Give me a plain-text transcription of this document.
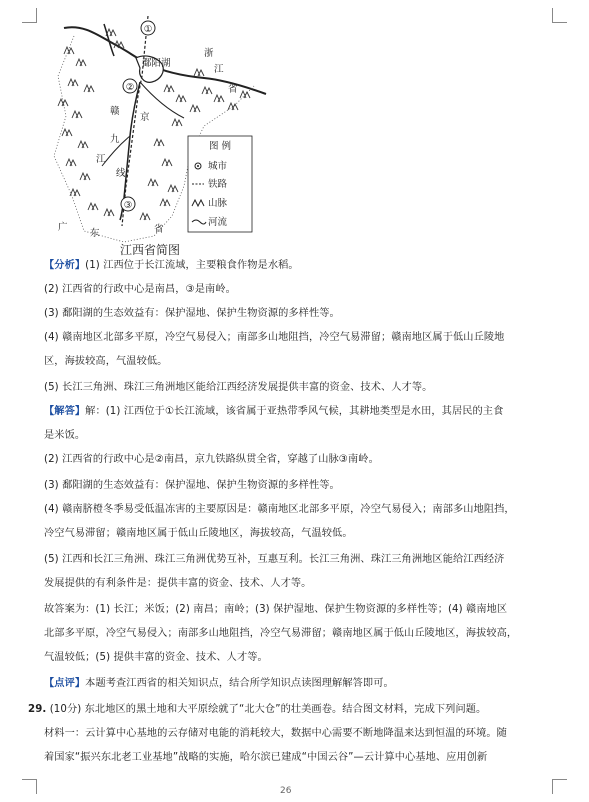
①
②
③
鄱阳湖
浙
江
省
赣
京
九
江
线
广
东	省
图 例
城市
铁路
山脉
河流
江西省简图
【分析】(1) 江西位于长江流域，主要粮食作物是水稻。
(2) 江西省的行政中心是南昌，③是南岭。
(3) 鄱阳湖的生态效益有：保护湿地、保护生物资源的多样性等。
(4) 赣南地区北部多平原，冷空气易侵入；南部多山地阻挡，冷空气易滞留；赣南地区属于低山丘陵地
区，海拔较高，气温较低。
(5) 长江三角洲、珠江三角洲地区能给江西经济发展提供丰富的资金、技术、人才等。
【解答】解：(1) 江西位于①长江流域，该省属于亚热带季风气候，其耕地类型是水田，其居民的主食
是米饭。
(2) 江西省的行政中心是②南昌，京九铁路纵贯全省，穿越了山脉③南岭。
(3) 鄱阳湖的生态效益有：保护湿地、保护生物资源的多样性等。
(4) 赣南脐橙冬季易受低温冻害的主要原因是：赣南地区北部多平原，冷空气易侵入；南部多山地阻挡，
冷空气易滞留；赣南地区属于低山丘陵地区，海拔较高，气温较低。
(5) 江西和长江三角洲、珠江三角洲优势互补，互惠互利。长江三角洲、珠江三角洲地区能给江西经济
发展提供的有利条件是：提供丰富的资金、技术、人才等。
故答案为：(1) 长江；米饭；(2) 南昌；南岭；(3) 保护湿地、保护生物资源的多样性等；(4) 赣南地区
北部多平原，冷空气易侵入；南部多山地阻挡，冷空气易滞留；赣南地区属于低山丘陵地区，海拔较高，
气温较低；(5) 提供丰富的资金、技术、人才等。
【点评】本题考查江西省的相关知识点，结合所学知识点读图理解解答即可。
29. (10分) 东北地区的黑土地和大平原绘就了“北大仓”的壮美画卷。结合图文材料，完成下列问题。
材料一：云计算中心基地的云存储对电能的消耗较大，数据中心需要不断地降温来达到恒温的环境。随
着国家“振兴东北老工业基地”战略的实施，哈尔滨已建成“中国云谷”—云计算中心基地、应用创新
26
